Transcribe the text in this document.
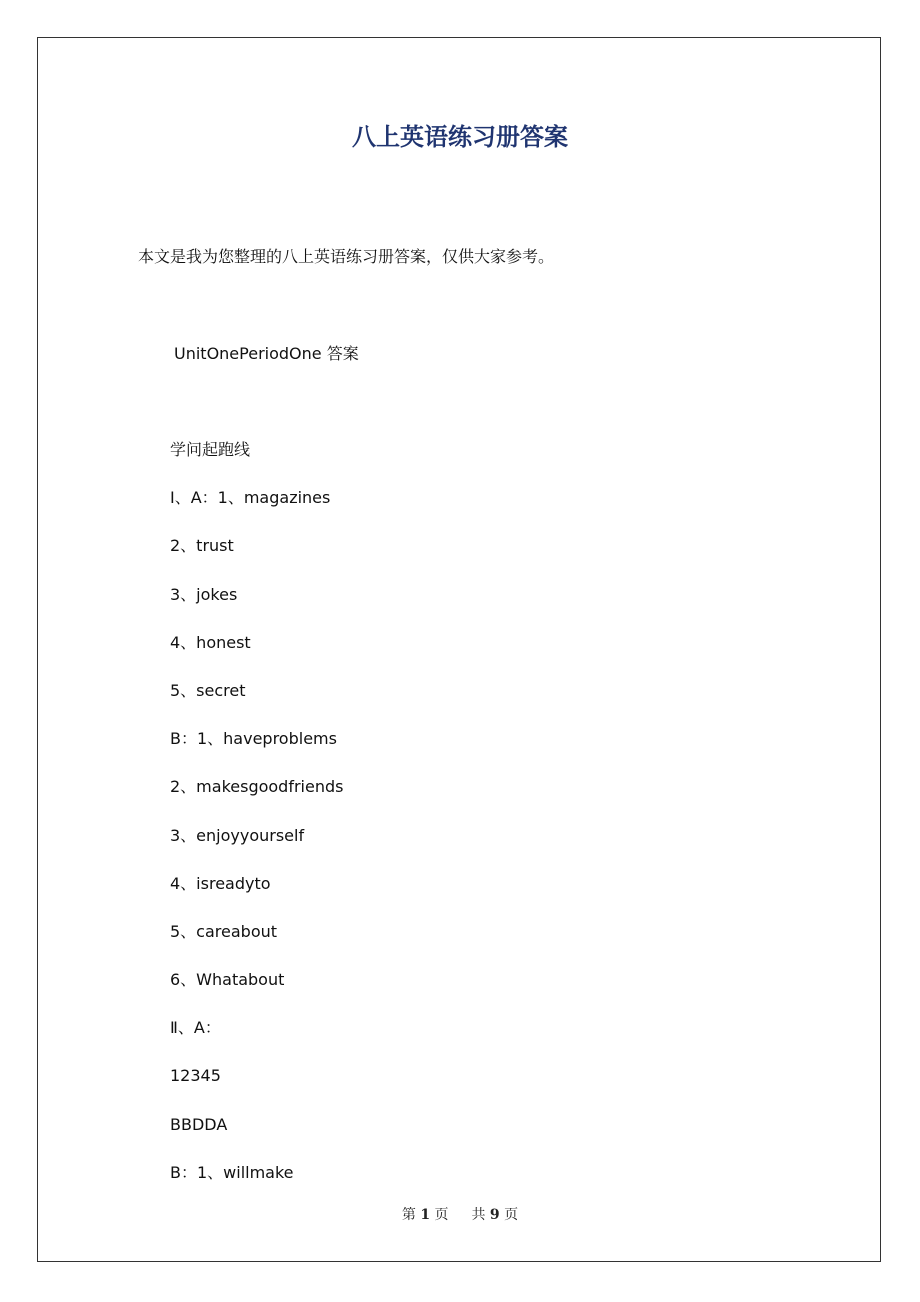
八上英语练习册答案

本文是我为您整理的八上英语练习册答案，仅供大家参考。

UnitOnePeriodOne 答案

学问起跑线
Ⅰ、A：1、magazines
2、trust
3、jokes
4、honest
5、secret
B：1、haveproblems
2、makesgoodfriends
3、enjoyyourself
4、isreadyto
5、careabout
6、Whatabout
Ⅱ、A：
12345
BBDDA
B：1、willmake
第 1 页 共 9 页
